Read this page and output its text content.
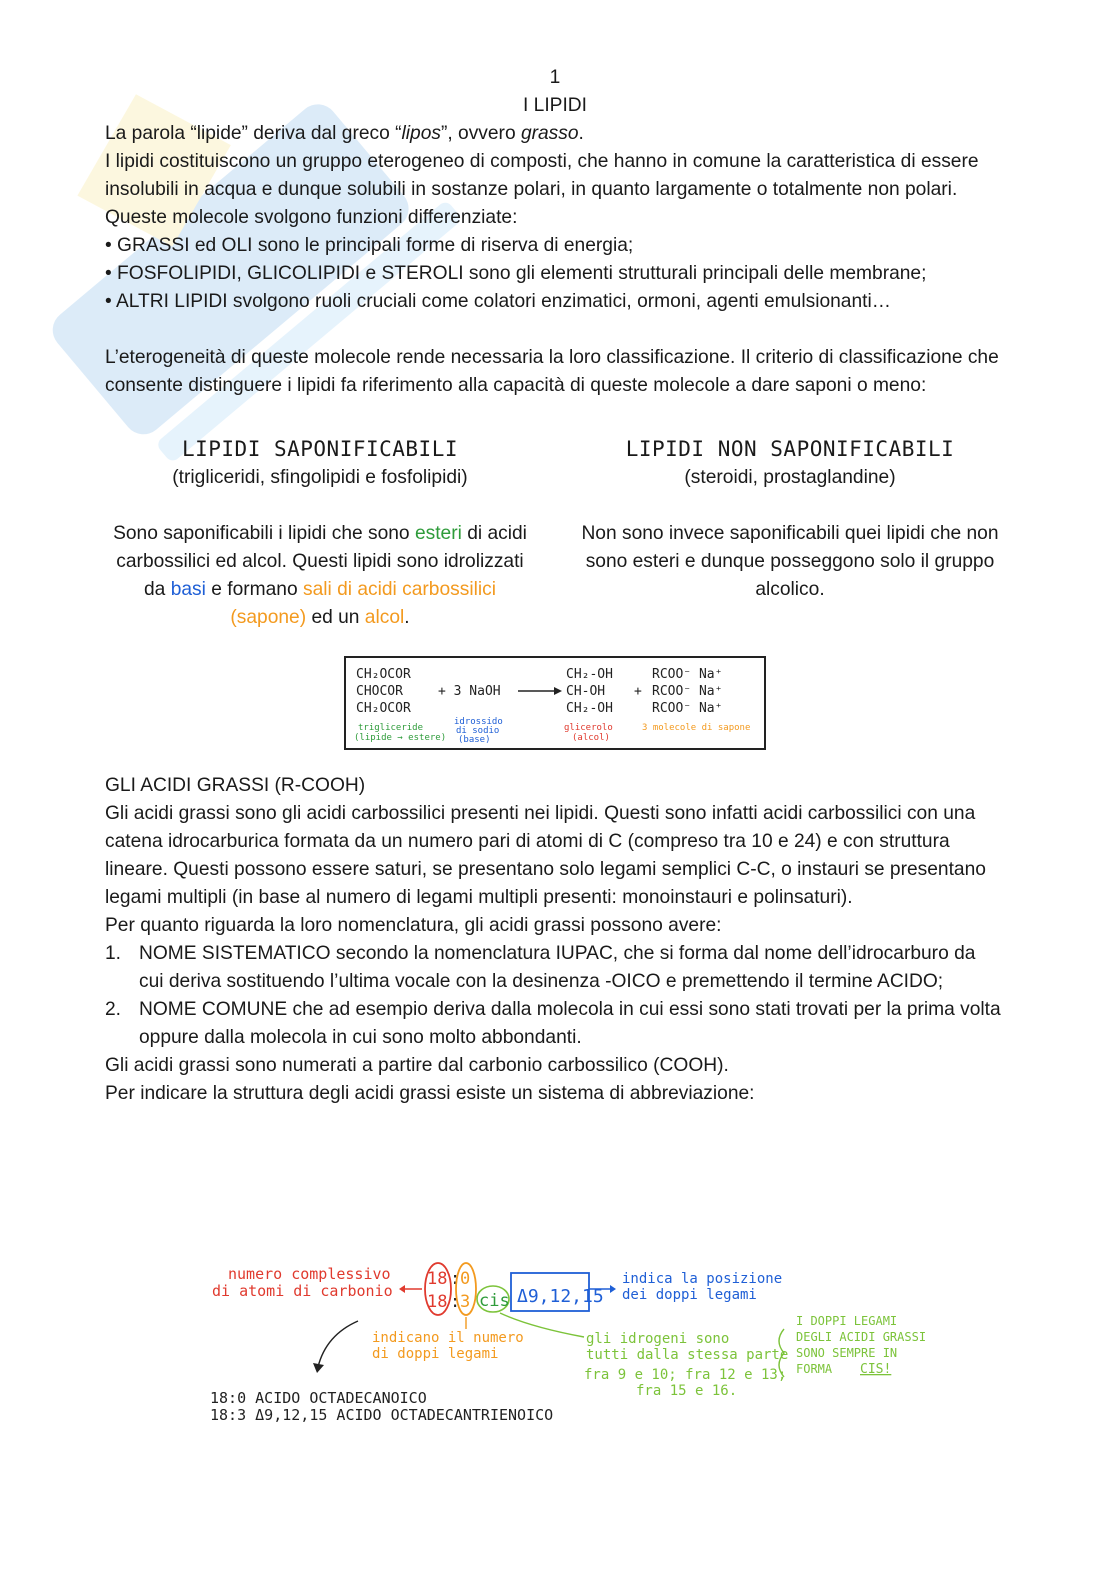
1

I LIPIDI

La parola “lipide” deriva dal greco “lipos”, ovvero grasso.

I lipidi costituiscono un gruppo eterogeneo di composti, che hanno in comune la caratteristica di essere insolubili in acqua e dunque solubili in sostanze polari, in quanto largamente o totalmente non polari.

Queste molecole svolgono funzioni differenziate:

• GRASSI ed OLI sono le principali forme di riserva di energia;

• FOSFOLIPIDI, GLICOLIPIDI e STEROLI sono gli elementi strutturali principali delle membrane;

• ALTRI LIPIDI svolgono ruoli cruciali come colatori enzimatici, ormoni, agenti emulsionanti…

L’eterogeneità di queste molecole rende necessaria la loro classificazione. Il criterio di classificazione che consente distinguere i lipidi fa riferimento alla capacità di queste molecole a dare saponi o meno:

LIPIDI SAPONIFICABILI
(trigliceridi, sfingolipidi e fosfolipidi)

Sono saponificabili i lipidi che sono esteri di acidi carbossilici ed alcol. Questi lipidi sono idrolizzati da basi e formano sali di acidi carbossilici (sapone) ed un alcol.

LIPIDI NON SAPONIFICABILI
(steroidi, prostaglandine)

Non sono invece saponificabili quei lipidi che non sono esteri e dunque posseggono solo il gruppo alcolico.

CH₂OCOR
CHOCOR
CH₂OCOR
+ 3 NaOH
CH₂-OH
CH-OH
CH₂-OH
+
RCOO⁻ Na⁺
RCOO⁻ Na⁺
RCOO⁻ Na⁺
trigliceride
(lipide → estere)
idrossido
di sodio
(base)
glicerolo
(alcol)
3 molecole di sapone

GLI ACIDI GRASSI (R-COOH)

Gli acidi grassi sono gli acidi carbossilici presenti nei lipidi. Questi sono infatti acidi carbossilici con una catena idrocarburica formata da un numero pari di atomi di C (compreso tra 10 e 24) e con struttura lineare. Questi possono essere saturi, se presentano solo legami semplici C-C, o instauri se presentano legami multipli (in base al numero di legami multipli presenti: monoinstauri e polinsaturi).

Per quanto riguarda la loro nomenclatura, gli acidi grassi possono avere:

1. NOME SISTEMATICO secondo la nomenclatura IUPAC, che si forma dal nome dell’idrocarburo da cui deriva sostituendo l’ultima vocale con la desinenza -OICO e premettendo il termine ACIDO;
2. NOME COMUNE che ad esempio deriva dalla molecola in cui essi sono stati trovati per la prima volta oppure dalla molecola in cui sono molto abbondanti.

Gli acidi grassi sono numerati a partire dal carbonio carbossilico (COOH).

Per indicare la struttura degli acidi grassi esiste un sistema di abbreviazione:

numero complessivo
di atomi di carbonio
18
18
:
:
0
3 cis Δ9,12,15
indica la posizione
dei doppi legami
indicano il numero
di doppi legami
gli idrogeni sono
tutti dalla stessa parte
fra 9 e 10; fra 12 e 13;
fra 15 e 16.
I DOPPI LEGAMI
DEGLI ACIDI GRASSI
SONO SEMPRE IN
FORMA CIS!
18:0 ACIDO OCTADECANOICO
18:3 Δ9,12,15 ACIDO OCTADECANTRIENOICO
